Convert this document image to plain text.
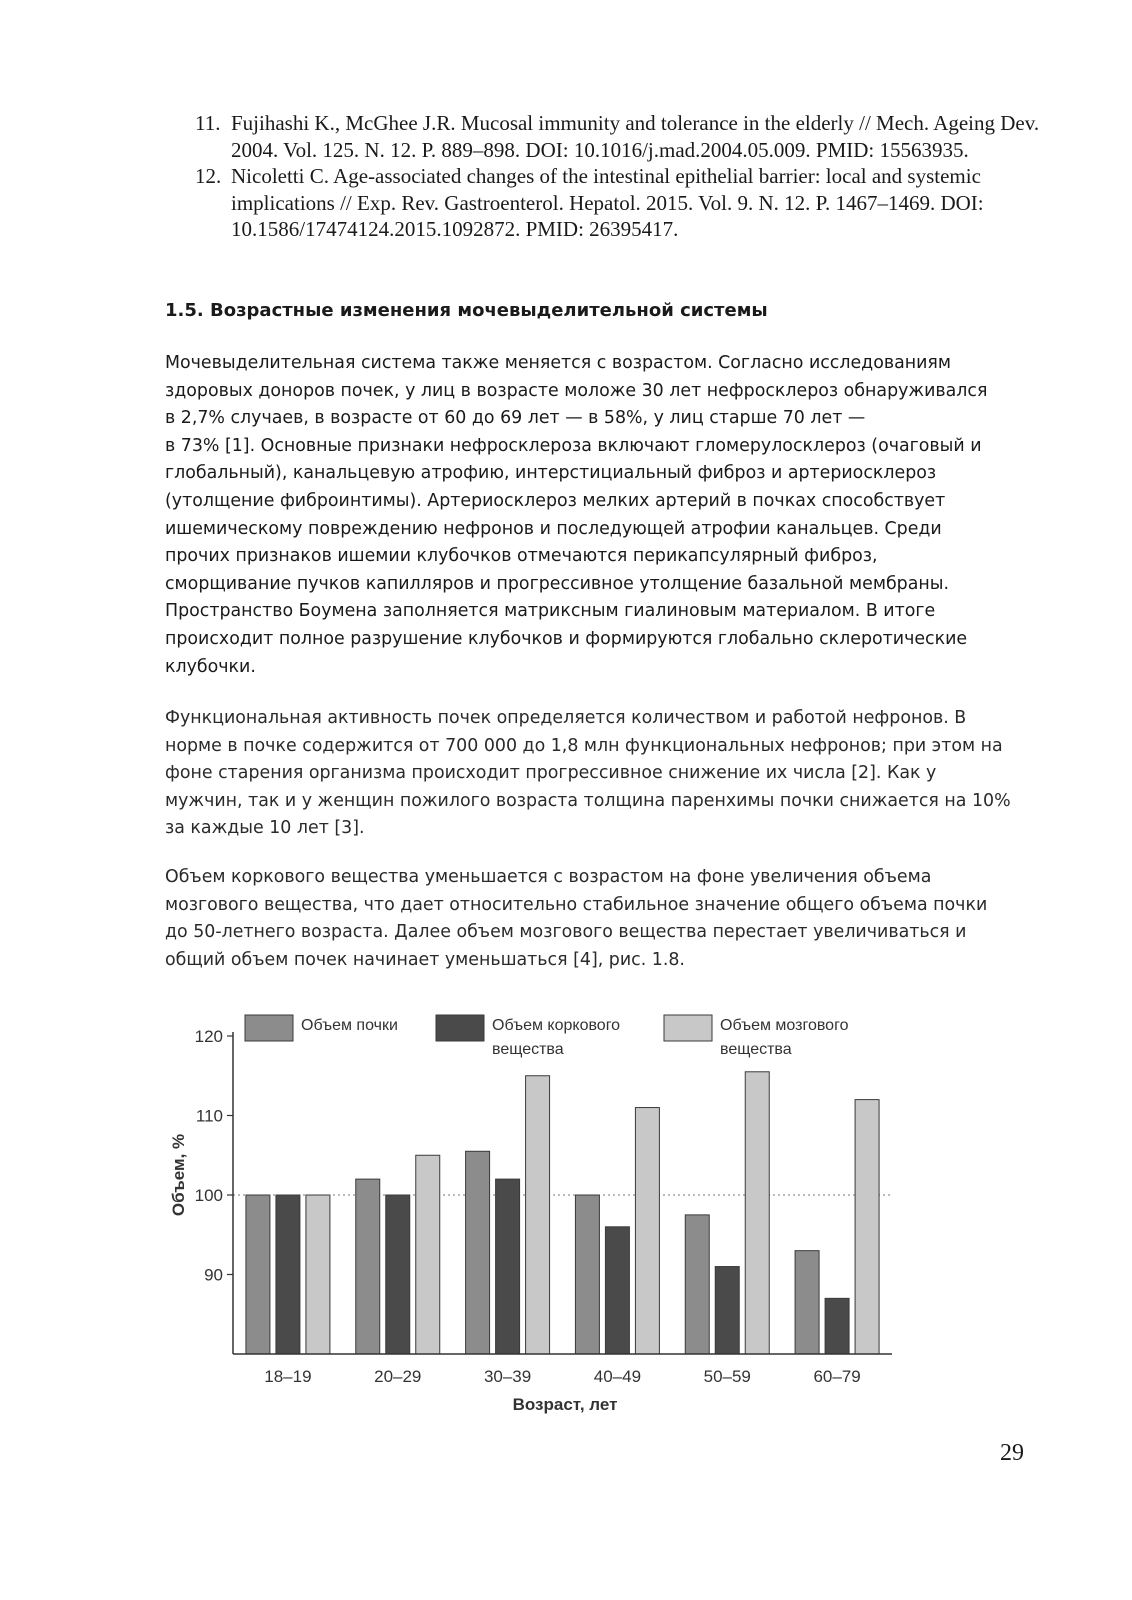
11. Fujihashi K., McGhee J.R. Mucosal immunity and tolerance in the elderly // Mech. Ageing Dev. 2004. Vol. 125. N. 12. P. 889–898. DOI: 10.1016/j.mad.2004.05.009. PMID: 15563935.
12. Nicoletti C. Age-associated changes of the intestinal epithelial barrier: local and systemic implications // Exp. Rev. Gastroenterol. Hepatol. 2015. Vol. 9. N. 12. P. 1467–1469. DOI: 10.1586/17474124.2015.1092872. PMID: 26395417.
1.5. Возрастные изменения мочевыделительной системы

Мочевыделительная система также меняется с возрастом. Согласно исследованиям
здоровых доноров почек, у лиц в возрасте моложе 30 лет нефросклероз обнаруживался
в 2,7% случаев, в возрасте от 60 до 69 лет — в 58%, у лиц старше 70 лет —
в 73% [1]. Основные признаки нефросклероза включают гломерулосклероз (очаговый и
глобальный), канальцевую атрофию, интерстициальный фиброз и артериосклероз
(утолщение фиброинтимы). Артериосклероз мелких артерий в почках способствует
ишемическому повреждению нефронов и последующей атрофии канальцев. Среди
прочих признаков ишемии клубочков отмечаются перикапсулярный фиброз,
сморщивание пучков капилляров и прогрессивное утолщение базальной мембраны.
Пространство Боумена заполняется матриксным гиалиновым материалом. В итоге
происходит полное разрушение клубочков и формируются глобально склеротические
клубочки.

Функциональная активность почек определяется количеством и работой нефронов. В
норме в почке содержится от 700 000 до 1,8 млн функциональных нефронов; при этом на
фоне старения организма происходит прогрессивное снижение их числа [2]. Как у
мужчин, так и у женщин пожилого возраста толщина паренхимы почки снижается на 10%
за каждые 10 лет [3].

Объем коркового вещества уменьшается с возрастом на фоне увеличения объема
мозгового вещества, что дает относительно стабильное значение общего объема почки
до 50-летнего возраста. Далее объем мозгового вещества перестает увеличиваться и
общий объем почек начинает уменьшаться [4], рис. 1.8.

Объем почки	Объем коркового
вещества
Объем мозгового
вещества
Объем, %
Возраст, лет
18–19	20–29	30–39	40–49	50–59	60–79
90
100
110
120
29
